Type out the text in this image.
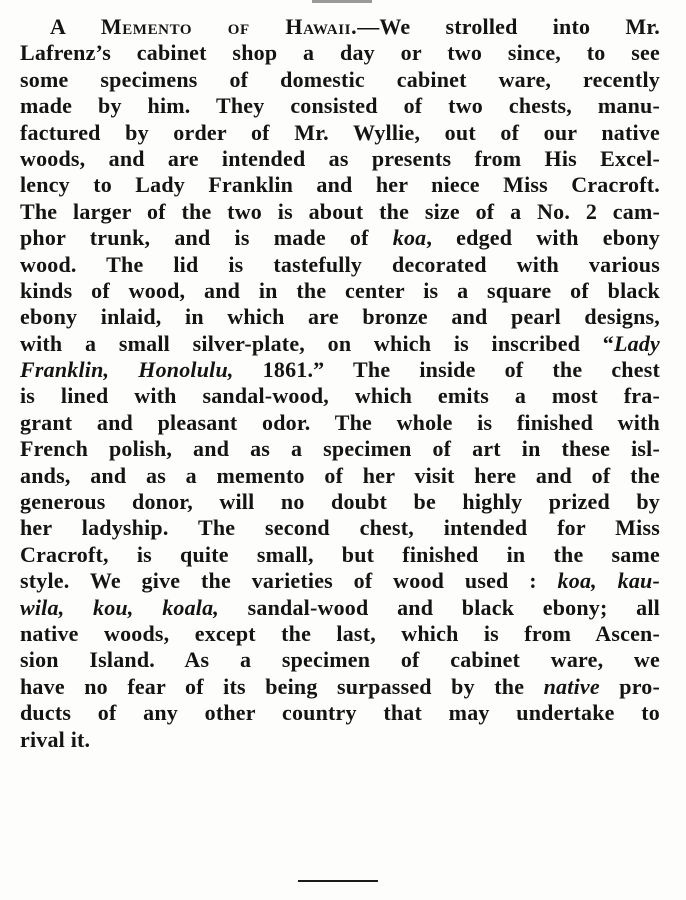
A Memento of Hawaii.—We strolled into Mr.
Lafrenz’s cabinet shop a day or two since, to see
some specimens of domestic cabinet ware, recently
made by him. They consisted of two chests, manu-
factured by order of Mr. Wyllie, out of our native
woods, and are intended as presents from His Excel-
lency to Lady Franklin and her niece Miss Cracroft.
The larger of the two is about the size of a No. 2 cam-
phor trunk, and is made of koa, edged with ebony
wood. The lid is tastefully decorated with various
kinds of wood, and in the center is a square of black
ebony inlaid, in which are bronze and pearl designs,
with a small silver-plate, on which is inscribed “Lady
Franklin, Honolulu, 1861.” The inside of the chest
is lined with sandal-wood, which emits a most fra-
grant and pleasant odor. The whole is finished with
French polish, and as a specimen of art in these isl-
ands, and as a memento of her visit here and of the
generous donor, will no doubt be highly prized by
her ladyship. The second chest, intended for Miss
Cracroft, is quite small, but finished in the same
style. We give the varieties of wood used : koa, kau-
wila, kou, koala, sandal-wood and black ebony; all
native woods, except the last, which is from Ascen-
sion Island. As a specimen of cabinet ware, we
have no fear of its being surpassed by the native pro-
ducts of any other country that may undertake to
rival it.
